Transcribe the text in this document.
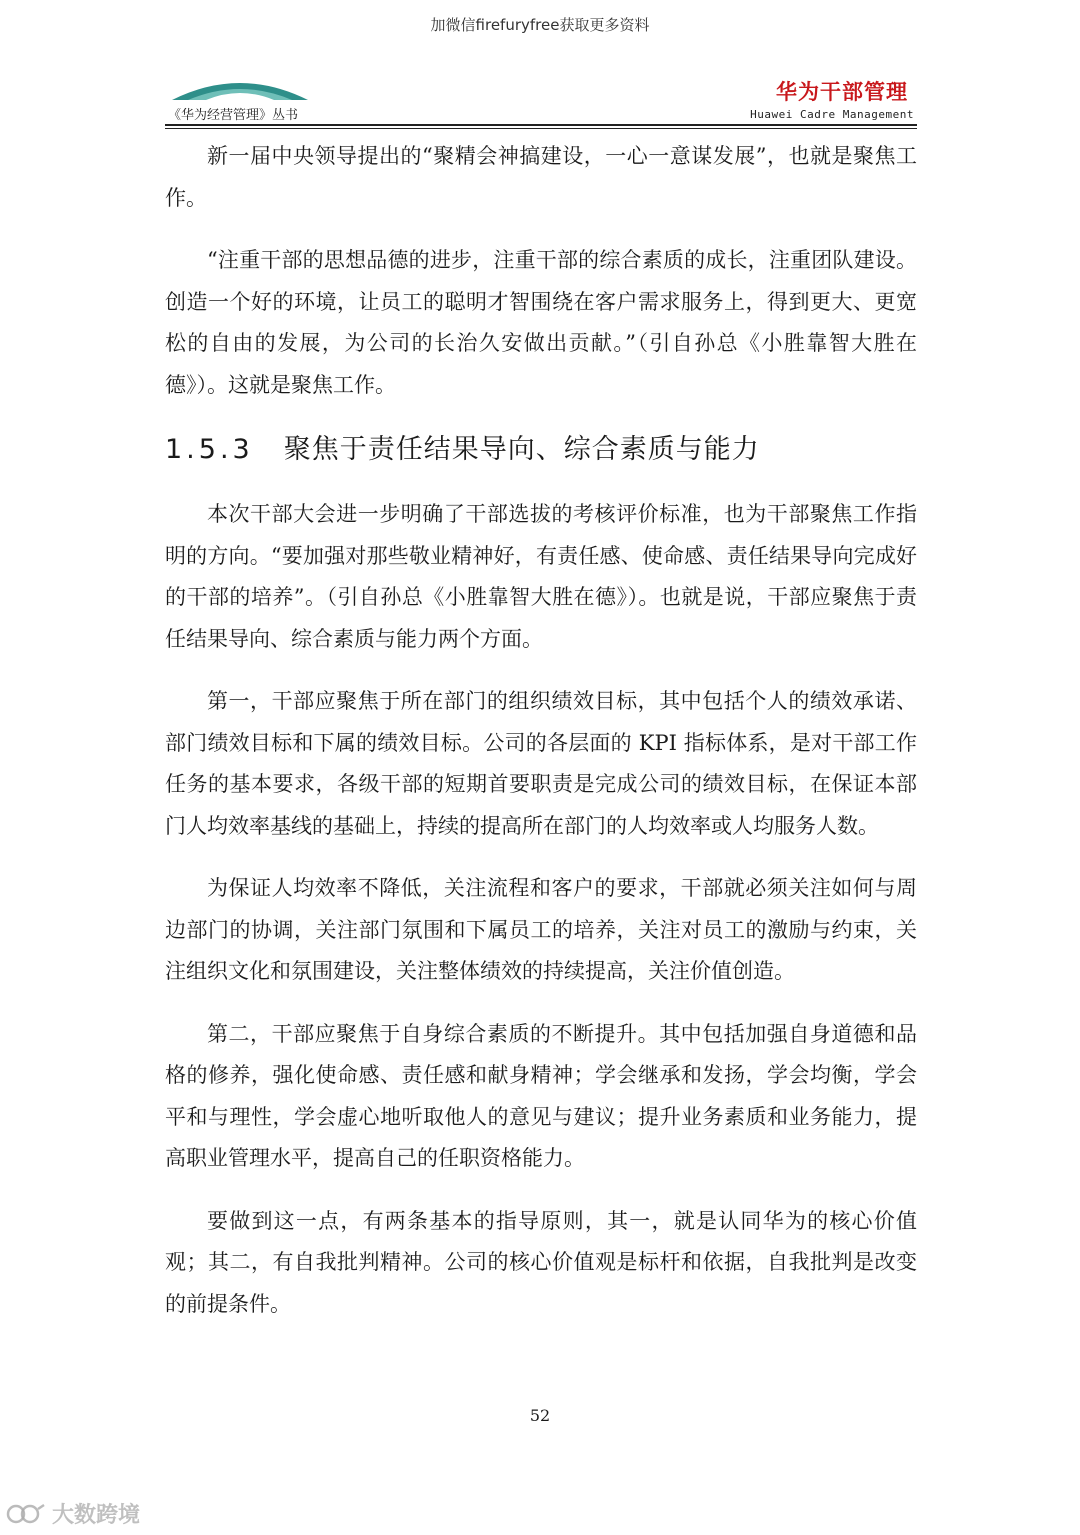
加微信firefuryfree获取更多资料
《华为经营管理》丛书
华为干部管理
Huawei Cadre Management

新一届中央领导提出的“聚精会神搞建设，一心一意谋发展”，也就是聚焦工作。

“注重干部的思想品德的进步，注重干部的综合素质的成长，注重团队建设。创造一个好的环境，让员工的聪明才智围绕在客户需求服务上，得到更大、更宽松的自由的发展，为公司的长治久安做出贡献。”（引自孙总《小胜靠智大胜在德》）。这就是聚焦工作。

1.5.3 聚焦于责任结果导向、综合素质与能力

本次干部大会进一步明确了干部选拔的考核评价标准，也为干部聚焦工作指明的方向。“要加强对那些敬业精神好，有责任感、使命感、责任结果导向完成好的干部的培养”。（引自孙总《小胜靠智大胜在德》）。也就是说，干部应聚焦于责任结果导向、综合素质与能力两个方面。

第一，干部应聚焦于所在部门的组织绩效目标，其中包括个人的绩效承诺、部门绩效目标和下属的绩效目标。公司的各层面的 KPI 指标体系，是对干部工作任务的基本要求，各级干部的短期首要职责是完成公司的绩效目标，在保证本部门人均效率基线的基础上，持续的提高所在部门的人均效率或人均服务人数。

为保证人均效率不降低，关注流程和客户的要求，干部就必须关注如何与周边部门的协调，关注部门氛围和下属员工的培养，关注对员工的激励与约束，关注组织文化和氛围建设，关注整体绩效的持续提高，关注价值创造。

第二，干部应聚焦于自身综合素质的不断提升。其中包括加强自身道德和品格的修养，强化使命感、责任感和献身精神；学会继承和发扬，学会均衡，学会平和与理性，学会虚心地听取他人的意见与建议；提升业务素质和业务能力，提高职业管理水平，提高自己的任职资格能力。

要做到这一点，有两条基本的指导原则，其一，就是认同华为的核心价值观；其二，有自我批判精神。公司的核心价值观是标杆和依据，自我批判是改变的前提条件。

52
大数跨境
